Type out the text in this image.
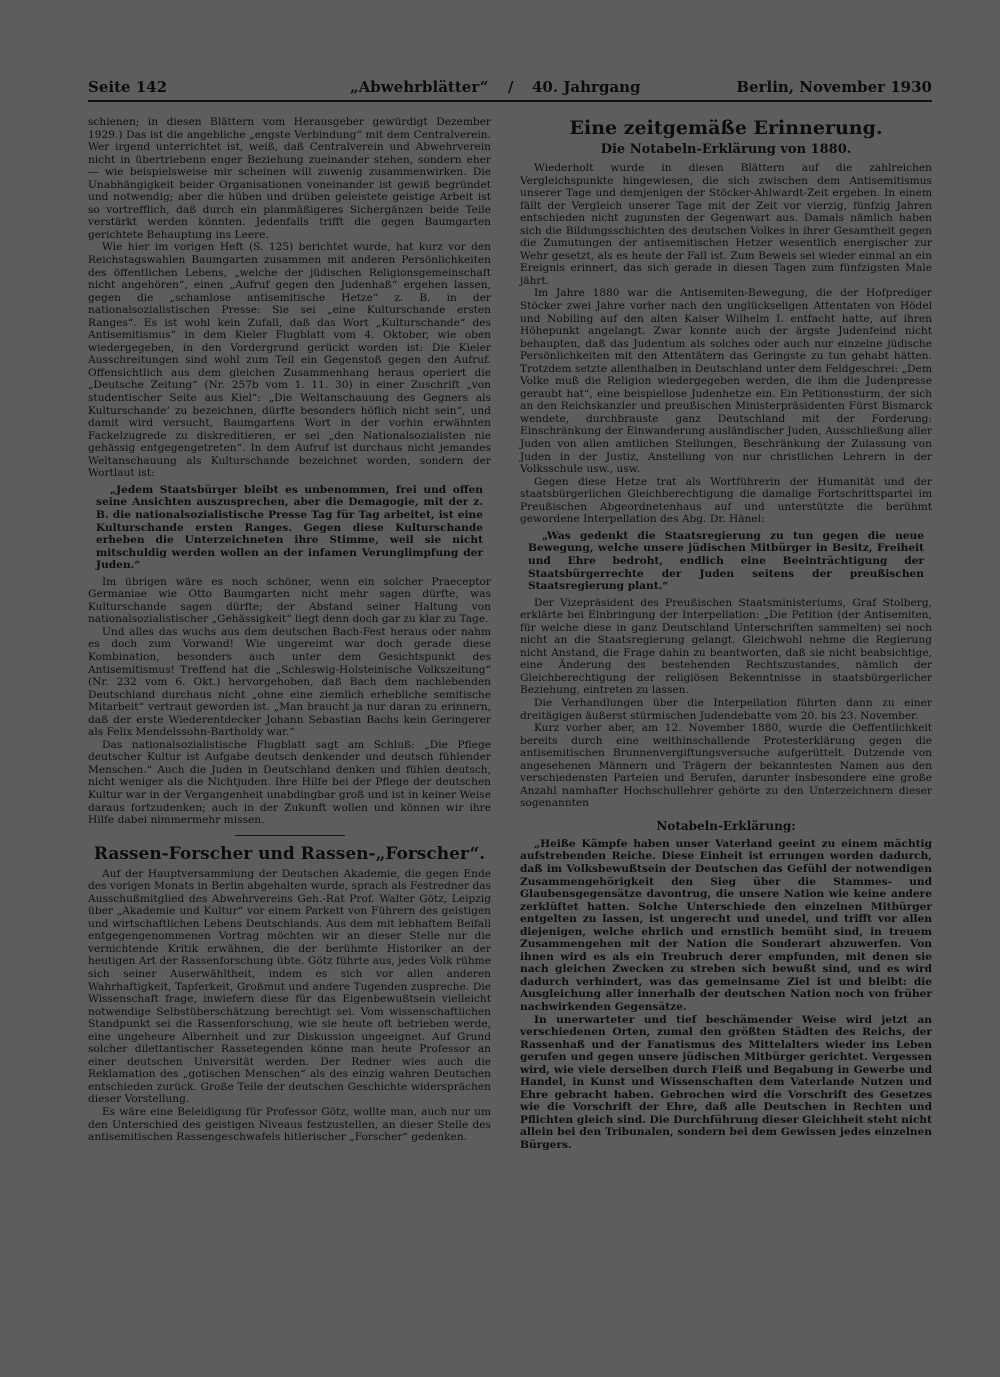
Seite 142	„Abwehrblätter“ / 40. Jahrgang	Berlin, November 1930

schienen; in diesen Blättern vom Herausgeber gewürdigt Dezember 1929.) Das ist die angebliche „engste Verbindung“ mit dem Centralverein. Wer irgend unterrichtet ist, weiß, daß Centralverein und Abwehrverein nicht in übertriebenn enger Beziehung zueinander stehen, sondern eher — wie beispielsweise mir scheinen will zuwenig zusammenwirken. Die Unabhängigkeit beider Organisationen voneinander ist gewiß begründet und notwendig; aber die hüben und drüben geleistete geistige Arbeit ist so vortrefflich, daß durch ein planmäßigeres Sichergänzen beide Teile verstärkt werden könnten. Jedenfalls trifft die gegen Baumgarten gerichtete Behauptung ins Leere.

Wie hier im vorigen Heft (S. 125) berichtet wurde, hat kurz vor den Reichstagswahlen Baumgarten zusammen mit anderen Persönlichkeiten des öffentlichen Lebens, „welche der jüdischen Religionsgemeinschaft nicht angehören“, einen „Aufruf gegen den Judenhaß“ ergehen lassen, gegen die „schamlose antisemitische Hetze“ z. B. in der nationalsozialistischen Presse: Sie sei „eine Kulturschande ersten Ranges“. Es ist wohl kein Zufall, daß das Wort „Kulturschande“ des Antisemitismus“ in dem Kieler Flugblatt vom 4. Oktober, wie oben wiedergegeben, in den Vordergrund gerückt worden ist: Die Kieler Ausschreitungen sind wohl zum Teil ein Gegenstoß gegen den Aufruf. Offensichtlich aus dem gleichen Zusammenhang heraus operiert die „Deutsche Zeitung“ (Nr. 257b vom 1. 11. 30) in einer Zuschrift „von studentischer Seite aus Kiel“: „Die Weltanschauung des Gegners als Kulturschande‘ zu bezeichnen, dürfte besonders höflich nicht sein“, und damit wird versucht, Baumgartens Wort in der vorhin erwähnten Fackelzugrede zu diskreditieren, er sei „den Nationalsozialisten nie gehässig entgegengetreten“. In dem Aufruf ist durchaus nicht jemandes Weltanschauung als Kulturschande bezeichnet worden, sondern der Wortlaut ist:

„Jedem Staatsbürger bleibt es unbenommen, frei und offen seine Ansichten auszusprechen, aber die Demagogie, mit der z. B. die nationalsozialistische Presse Tag für Tag arbeitet, ist eine Kulturschande ersten Ranges. Gegen diese Kulturschande erheben die Unterzeichneten ihre Stimme, weil sie nicht mitschuldig werden wollen an der infamen Verunglimpfung der Juden.“

Im übrigen wäre es noch schöner, wenn ein solcher Praeceptor Germaniae wie Otto Baumgarten nicht mehr sagen dürfte, was Kulturschande sagen dürfte; der Abstand seiner Haltung von nationalsozialistischer „Gehässigkeit“ liegt denn doch gar zu klar zu Tage.

Und alles das wuchs aus dem deutschen Bach-Fest heraus oder nahm es doch zum Vorwand! Wie ungereimt war doch gerade diese Kombination, besonders auch unter dem Gesichtspunkt des Antisemitismus! Treffend hat die „Schleswig-Holsteinische Volkszeitung“ (Nr. 232 vom 6. Okt.) hervorgehoben, daß Bach dem nachlebenden Deutschland durchaus nicht „ohne eine ziemlich erhebliche semitische Mitarbeit“ vertraut geworden ist. „Man braucht ja nur daran zu erinnern, daß der erste Wiederentdecker Johann Sebastian Bachs kein Geringerer als Felix Mendelssohn-Bartholdy war.“

Das nationalsozialistische Flugblatt sagt am Schluß: „Die Pflege deutscher Kultur ist Aufgabe deutsch denkender und deutsch fühlender Menschen.“ Auch die Juden in Deutschland denken und fühlen deutsch, nicht weniger als die Nichtjuden. Ihre Hilfe bei der Pflege der deutschen Kultur war in der Vergangenheit unabdingbar groß und ist in keiner Weise daraus fortzudenken; auch in der Zukunft wollen und können wir ihre Hilfe dabei nimmermehr missen.

Rassen-Forscher und Rassen-„Forscher“.

Auf der Hauptversammlung der Deutschen Akademie, die gegen Ende des vorigen Monats in Berlin abgehalten wurde, sprach als Festredner das Ausschußmitglied des Abwehrvereins Geh.-Rat Prof. Walter Götz, Leipzig über „Akademie und Kultur“ vor einem Parkett von Führern des geistigen und wirtschaftlichen Lebens Deutschlands. Aus dem mit lebhaftem Beifall entgegengenommenen Vortrag möchten wir an dieser Stelle nur die vernichtende Kritik erwähnen, die der berühmte Historiker an der heutigen Art der Rassenforschung übte. Götz führte aus, jedes Volk rühme sich seiner Auserwähltheit, indem es sich vor allen anderen Wahrhaftigkeit, Tapferkeit, Großmut und andere Tugenden zuspreche. Die Wissenschaft frage, inwiefern diese für das Eigenbewußtsein vielleicht notwendige Selbstüberschätzung berechtigt sei. Vom wissenschaftlichen Standpunkt sei die Rassenforschung, wie sie heute oft betrieben werde, eine ungeheure Albernheit und zur Diskussion ungeeignet. Auf Grund solcher dilettantischer Rassetegenden könne man heute Professor an einer deutschen Universität werden. Der Redner wies auch die Reklamation des „gotischen Menschen“ als des einzig wahren Deutschen entschieden zurück. Große Teile der deutschen Geschichte widersprächen dieser Vorstellung.

Es wäre eine Beleidigung für Professor Götz, wollte man, auch nur um den Unterschied des geistigen Niveaus festzustellen, an dieser Stelle des antisemitischen Rassengeschwafels hitlerischer „Forscher“ gedenken.

Eine zeitgemäße Erinnerung.
Die Notabeln-Erklärung von 1880.

Wiederholt wurde in diesen Blättern auf die zahlreichen Vergleichspunkte hingewiesen, die sich zwischen dem Antisemitismus unserer Tage und demjenigen der Stöcker-Ahlwardt-Zeit ergeben. In einem fällt der Vergleich unserer Tage mit der Zeit vor vierzig, fünfzig Jahren entschieden nicht zugunsten der Gegenwart aus. Damals nämlich haben sich die Bildungsschichten des deutschen Volkes in ihrer Gesamtheit gegen die Zumutungen der antisemitischen Hetzer wesentlich energischer zur Wehr gesetzt, als es heute der Fall ist. Zum Beweis sei wieder einmal an ein Ereignis erinnert, das sich gerade in diesen Tagen zum fünfzigsten Male jährt.

Im Jahre 1880 war die Antisemiten-Bewegung, die der Hofprediger Stöcker zwei Jahre vorher nach den unglückseligen Attentaten von Hödel und Nobiling auf den alten Kaiser Wilhelm I. entfacht hatte, auf ihren Höhepunkt angelangt. Zwar konnte auch der ärgste Judenfeind nicht behaupten, daß das Judentum als solches oder auch nur einzelne jüdische Persönlichkeiten mit den Attentätern das Geringste zu tun gehabt hätten. Trotzdem setzte allenthalben in Deutschland unter dem Feldgeschrei: „Dem Volke muß die Religion wiedergegeben werden, die ihm die Judenpresse geraubt hat“, eine beispiellose Judenhetze ein. Ein Petitionssturm, der sich an den Reichskanzler und preußischen Ministerpräsidenten Fürst Bismarck wendete, durchbrauste ganz Deutschland mit der Forderung: Einschränkung der Einwanderung ausländischer Juden, Ausschließung aller Juden von allen amtlichen Stellungen, Beschränkung der Zulassung von Juden in der Justiz, Anstellung von nur christlichen Lehrern in der Volksschule usw., usw.

Gegen diese Hetze trat als Wortführerin der Humanität und der staatsbürgerlichen Gleichberechtigung die damalige Fortschrittspartei im Preußischen Abgeordnetenhaus auf und unterstützte die berühmt gewordene Interpellation des Abg. Dr. Hänel:

„Was gedenkt die Staatsregierung zu tun gegen die neue Bewegung, welche unsere jüdischen Mitbürger in Besitz, Freiheit und Ehre bedroht, endlich eine Beeinträchtigung der Staatsbürgerrechte der Juden seitens der preußischen Staatsregierung plant.“

Der Vizepräsident des Preußischen Staatsministeriums, Graf Stolberg, erklärte bei Einbringung der Interpellation: „Die Petition (der Antisemiten, für welche diese in ganz Deutschland Unterschriften sammelten) sei noch nicht an die Staatsregierung gelangt. Gleichwohl nehme die Regierung nicht Anstand, die Frage dahin zu beantworten, daß sie nicht beabsichtige, eine Änderung des bestehenden Rechtszustandes, nämlich der Gleichberechtigung der religiösen Bekenntnisse in staatsbürgerlicher Beziehung, eintreten zu lassen.

Die Verhandlungen über die Interpellation führten dann zu einer dreitägigen äußerst stürmischen Judendebatte vom 20. bis 23. November.

Kurz vorher aber, am 12. November 1880, wurde die Oeffentlichkeit bereits durch eine weithinschallende Protesterklärung gegen die antisemitischen Brunnenvergiftungsversuche aufgerüttelt. Dutzende von angesehenen Männern und Trägern der bekanntesten Namen aus den verschiedensten Parteien und Berufen, darunter insbesondere eine große Anzahl namhafter Hochschullehrer gehörte zu den Unterzeichnern dieser sogenannten

Notabeln-Erklärung:

„Heiße Kämpfe haben unser Vaterland geeint zu einem mächtig aufstrebenden Reiche. Diese Einheit ist errungen worden dadurch, daß im Volksbewußtsein der Deutschen das Gefühl der notwendigen Zusammengehörigkeit den Sieg über die Stammes- und Glaubensgegensätze davontrug, die unsere Nation wie keine andere zerklüftet hatten. Solche Unterschiede den einzelnen Mitbürger entgelten zu lassen, ist ungerecht und unedel, und trifft vor allen diejenigen, welche ehrlich und ernstlich bemüht sind, in treuem Zusammengehen mit der Nation die Sonderart abzuwerfen. Von ihnen wird es als ein Treubruch derer empfunden, mit denen sie nach gleichen Zwecken zu streben sich bewußt sind, und es wird dadurch verhindert, was das gemeinsame Ziel ist und bleibt: die Ausgleichung aller innerhalb der deutschen Nation noch von früher nachwirkenden Gegensätze.

In unerwarteter und tief beschämender Weise wird jetzt an verschiedenen Orten, zumal den größten Städten des Reichs, der Rassenhaß und der Fanatismus des Mittelalters wieder ins Leben gerufen und gegen unsere jüdischen Mitbürger gerichtet. Vergessen wird, wie viele derselben durch Fleiß und Begabung in Gewerbe und Handel, in Kunst und Wissenschaften dem Vaterlande Nutzen und Ehre gebracht haben. Gebrochen wird die Vorschrift des Gesetzes wie die Vorschrift der Ehre, daß alle Deutschen in Rechten und Pflichten gleich sind. Die Durchführung dieser Gleichheit steht nicht allein bei den Tribunalen, sondern bei dem Gewissen jedes einzelnen Bürgers.
